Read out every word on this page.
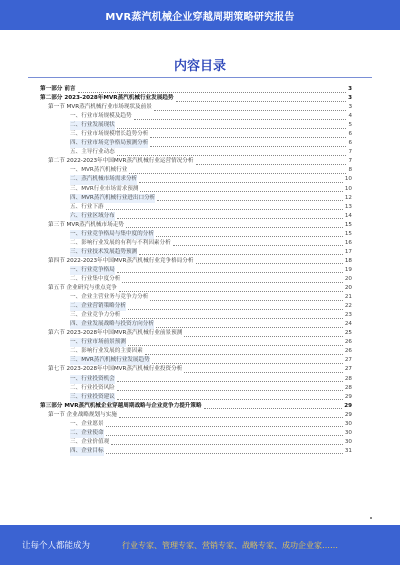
MVR蒸汽机械企业穿越周期策略研究报告
内容目录
第一部分 前言	3
第二部分 2023-2028年MVR蒸汽机械行业发展趋势	3
第一节 MVR蒸汽机械行业市场现状及前景	3
一、行业市场规模及趋势	4
二、行业发展现状	5
三、行业市场规模增长趋势分析	6
四、行业市场竞争格局预测分析	6
五、主导行业动态	7
第二节 2022-2023年中国MVR蒸汽机械行业运营情况分析	7
一、MVR蒸汽机械行业	8
二、蒸汽机械市场需求分析	10
三、MVR行业市场需求预测	10
四、MVR蒸汽机械行业进出口分析	12
五、行业下游	13
六、行业区域分布	14
第三节 MVR蒸汽机械市场走势	15
一、行业竞争格局与集中度的分析	15
二、影响行业发展的有利与不利因素分析	16
三、行业技术发展趋势预测	17
第四节 2022-2023年中国MVR蒸汽机械行业竞争格局分析	18
一、行业竞争格局	19
二、行业集中度分析	20
第五节 企业研究与重点竞争	20
一、企业主营业务与竞争力分析	21
二、企业营销策略分析	22
三、企业竞争力分析	23
四、企业发展战略与投资方向分析	24
第六节 2023-2028年中国MVR蒸汽机械行业前景预测	25
一、行业市场前景预测	26
二、影响行业发展的主要因素	26
三、MVR蒸汽机械行业发展趋势	27
第七节 2023-2028年中国MVR蒸汽机械行业投资分析	27
一、行业投资机会	28
二、行业投资风险	28
三、行业投资建议	29
第三部分 MVR蒸汽机械企业穿越周期战略与企业竞争力提升策略	29
第一节 企业战略规划与实施	29
一、企业愿景	30
二、企业使命	30
三、企业价值观	30
四、企业目标	31
让每个人都能成为	行业专家、管理专家、营销专家、战略专家、成功企业家……
